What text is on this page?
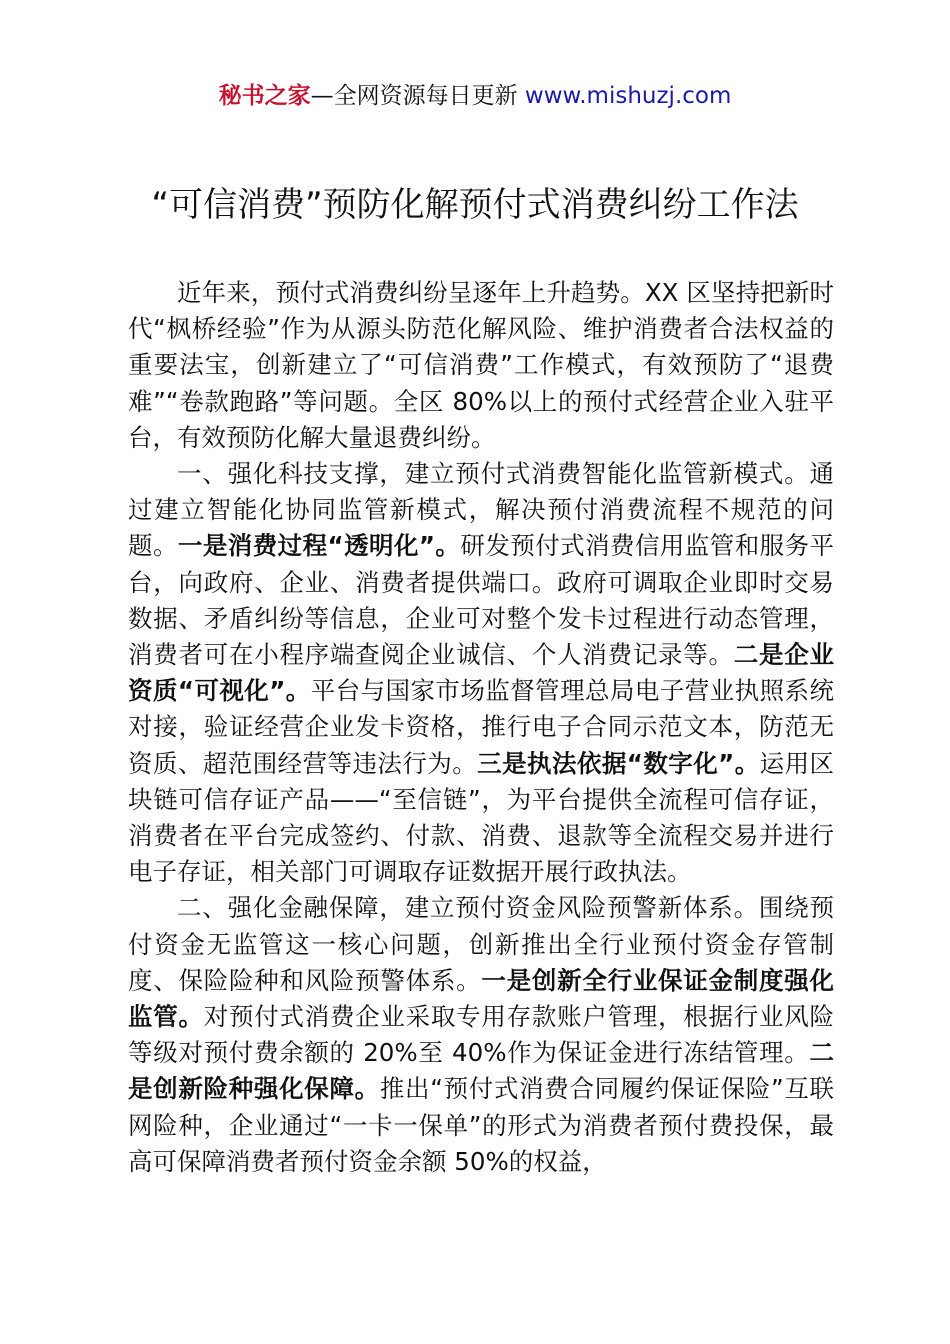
秘书之家—全网资源每日更新 www.mishuzj.com
“可信消费”预防化解预付式消费纠纷工作法

近年来，预付式消费纠纷呈逐年上升趋势。XX 区坚持把新时代“枫桥经验”作为从源头防范化解风险、维护消费者合法权益的重要法宝，创新建立了“可信消费”工作模式，有效预防了“退费难”“卷款跑路”等问题。全区 80%以上的预付式经营企业入驻平台，有效预防化解大量退费纠纷。

一、强化科技支撑，建立预付式消费智能化监管新模式。通过建立智能化协同监管新模式，解决预付消费流程不规范的问题。一是消费过程“透明化”。研发预付式消费信用监管和服务平台，向政府、企业、消费者提供端口。政府可调取企业即时交易数据、矛盾纠纷等信息，企业可对整个发卡过程进行动态管理，消费者可在小程序端查阅企业诚信、个人消费记录等。二是企业资质“可视化”。平台与国家市场监督管理总局电子营业执照系统对接，验证经营企业发卡资格，推行电子合同示范文本，防范无资质、超范围经营等违法行为。三是执法依据“数字化”。运用区块链可信存证产品——“至信链”，为平台提供全流程可信存证，消费者在平台完成签约、付款、消费、退款等全流程交易并进行电子存证，相关部门可调取存证数据开展行政执法。

二、强化金融保障，建立预付资金风险预警新体系。围绕预付资金无监管这一核心问题，创新推出全行业预付资金存管制度、保险险种和风险预警体系。一是创新全行业保证金制度强化监管。对预付式消费企业采取专用存款账户管理，根据行业风险等级对预付费余额的 20%至 40%作为保证金进行冻结管理。二是创新险种强化保障。推出“预付式消费合同履约保证保险”互联网险种，企业通过“一卡一保单”的形式为消费者预付费投保，最高可保障消费者预付资金余额 50%的权益，
